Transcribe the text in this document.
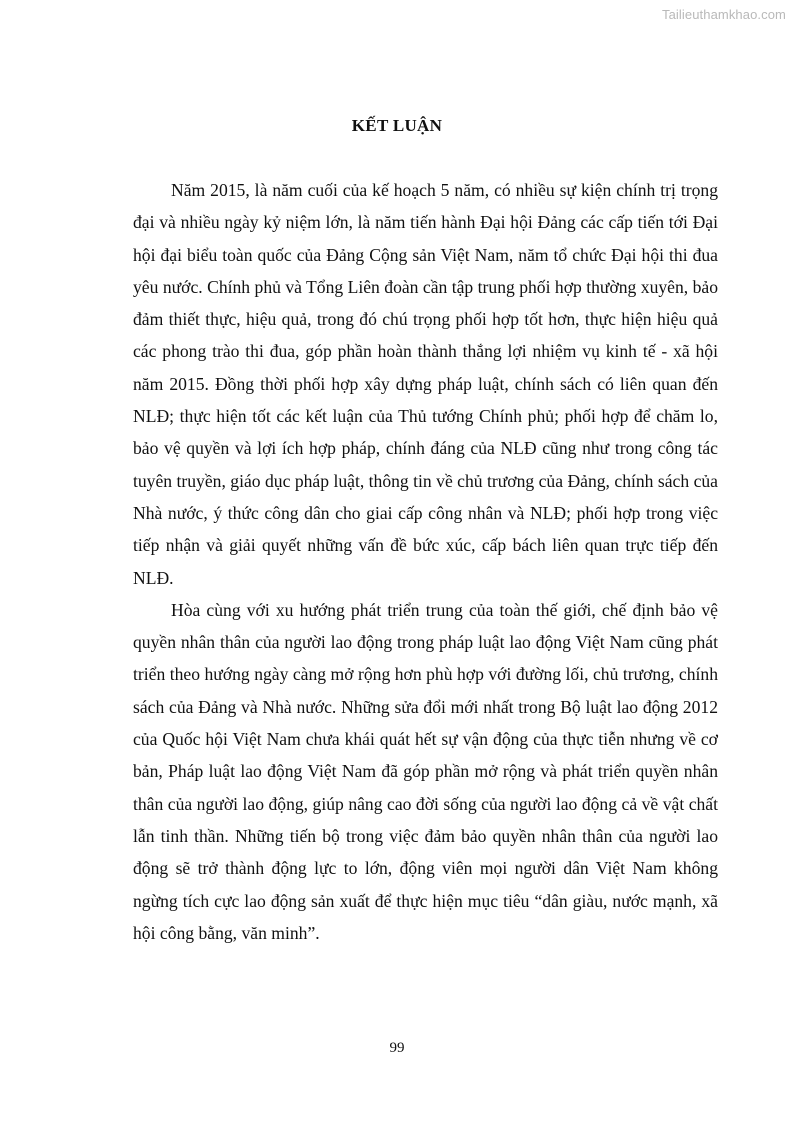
Tailieuthamkhao.com
KẾT LUẬN

Năm 2015, là năm cuối của kế hoạch 5 năm, có nhiều sự kiện chính trị trọng đại và nhiều ngày kỷ niệm lớn, là năm tiến hành Đại hội Đảng các cấp tiến tới Đại hội đại biểu toàn quốc của Đảng Cộng sản Việt Nam, năm tổ chức Đại hội thi đua yêu nước. Chính phủ và Tổng Liên đoàn cần tập trung phối hợp thường xuyên, bảo đảm thiết thực, hiệu quả, trong đó chú trọng phối hợp tốt hơn, thực hiện hiệu quả các phong trào thi đua, góp phần hoàn thành thắng lợi nhiệm vụ kinh tế - xã hội năm 2015. Đồng thời phối hợp xây dựng pháp luật, chính sách có liên quan đến NLĐ; thực hiện tốt các kết luận của Thủ tướng Chính phủ; phối hợp để chăm lo, bảo vệ quyền và lợi ích hợp pháp, chính đáng của NLĐ cũng như trong công tác tuyên truyền, giáo dục pháp luật, thông tin về chủ trương của Đảng, chính sách của Nhà nước, ý thức công dân cho giai cấp công nhân và NLĐ; phối hợp trong việc tiếp nhận và giải quyết những vấn đề bức xúc, cấp bách liên quan trực tiếp đến NLĐ.

Hòa cùng với xu hướng phát triển trung của toàn thế giới, chế định bảo vệ quyền nhân thân của người lao động trong pháp luật lao động Việt Nam cũng phát triển theo hướng ngày càng mở rộng hơn phù hợp với đường lối, chủ trương, chính sách của Đảng và Nhà nước. Những sửa đổi mới nhất trong Bộ luật lao động 2012 của Quốc hội Việt Nam chưa khái quát hết sự vận động của thực tiễn nhưng về cơ bản, Pháp luật lao động Việt Nam đã góp phần mở rộng và phát triển quyền nhân thân của người lao động, giúp nâng cao đời sống của người lao động cả về vật chất lẫn tinh thần. Những tiến bộ trong việc đảm bảo quyền nhân thân của người lao động sẽ trở thành động lực to lớn, động viên mọi người dân Việt Nam không ngừng tích cực lao động sản xuất để thực hiện mục tiêu “dân giàu, nước mạnh, xã hội công bằng, văn minh”.

99
